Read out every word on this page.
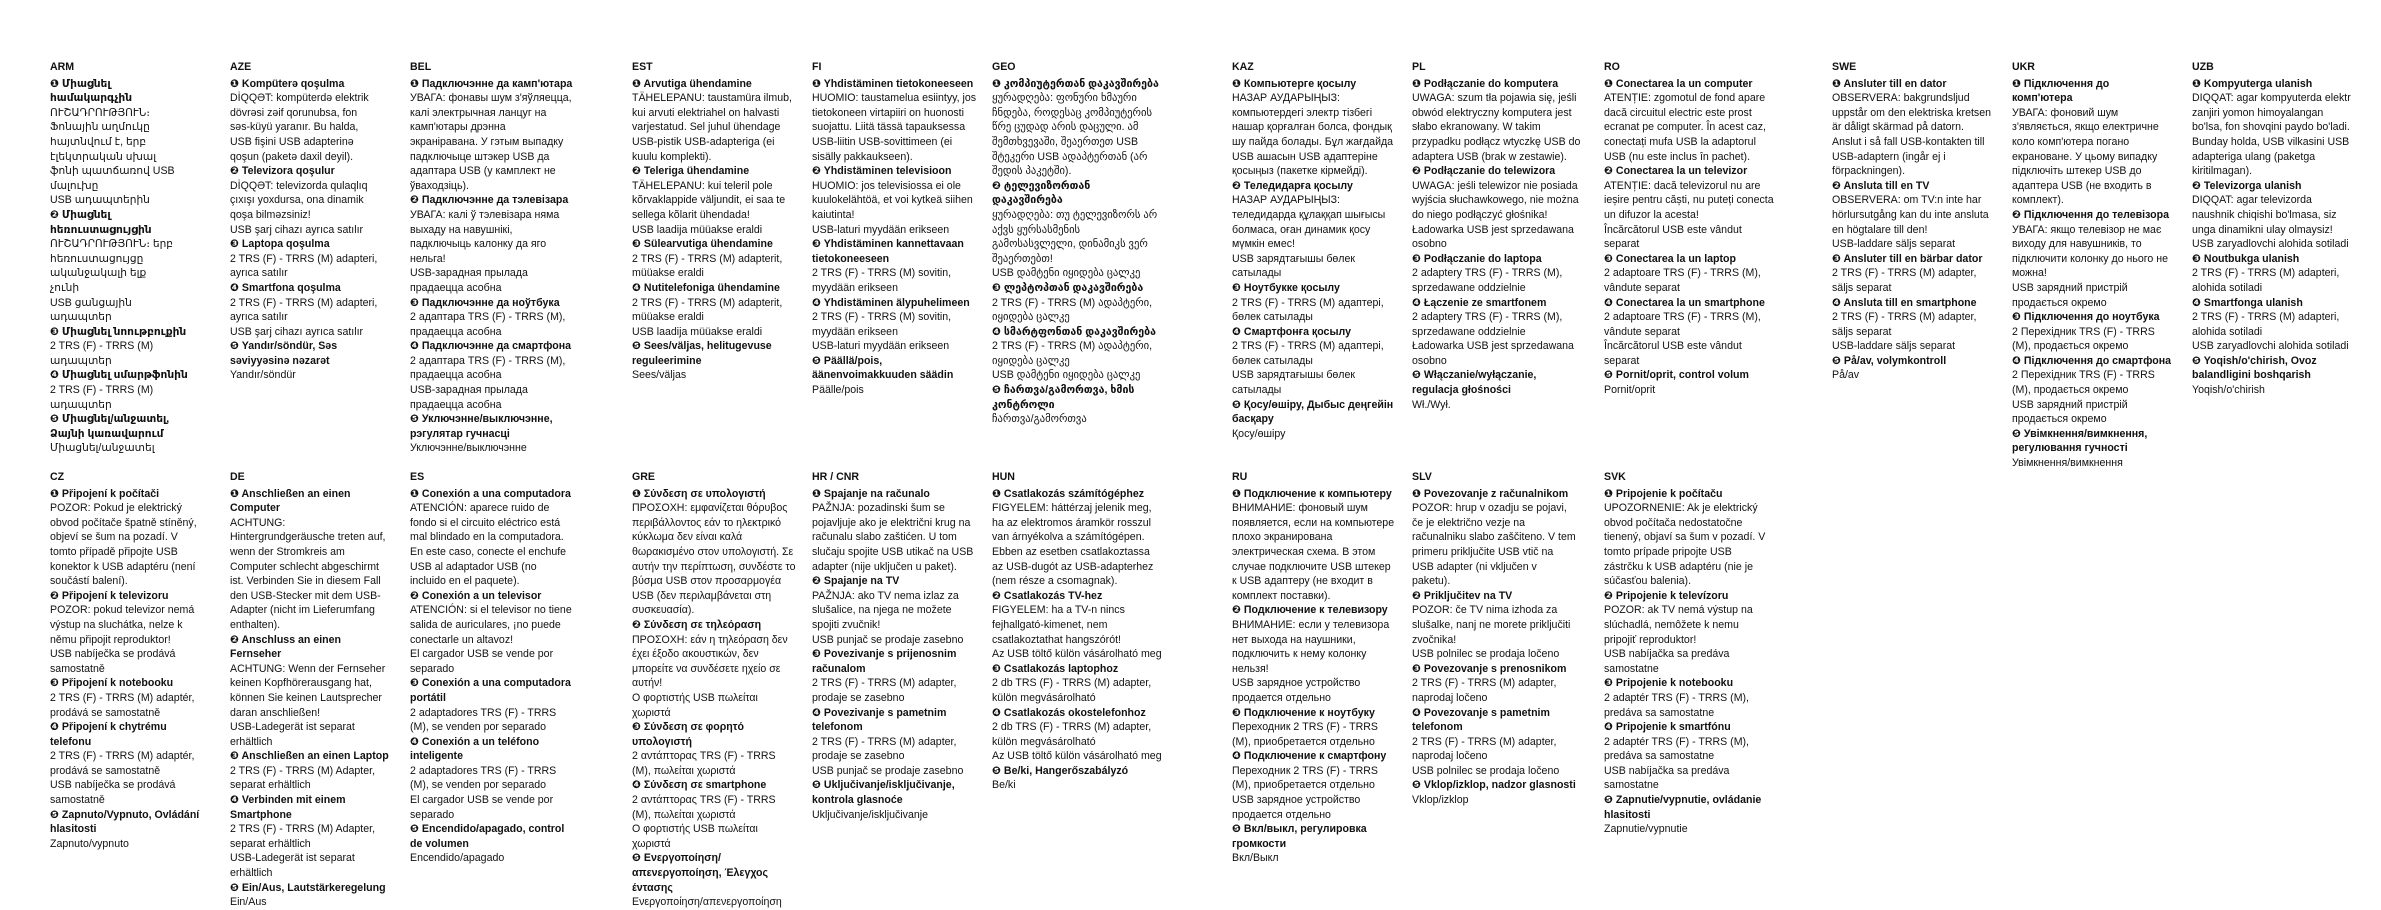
ARM
❶ Միացնել համակարգչին
ՈՒՇԱԴՐՈՒԹՅՈՒՆ։ Ֆոնային աղմուկը
հայտնվում է, երբ էլեկտրական սխալ
ֆոնի պատճառով USB մալուխը
USB ադապտերին
❷ Միացնել հեռուստացույցին
ՈՒՇԱԴՐՈՒԹՅՈՒՆ։ երբ
հեռուստացույցը ականջակալի ելք
չունի
USB ցանցային ադապտեր
❸ Միացնել նոութբուքին
2 TRS (F) - TRRS (M) ադապտեր
❹ Միացնել սմարթֆոնին
2 TRS (F) - TRRS (M) ադապտեր
❺ Միացնել/անջատել, Ձայնի կառավարում
Միացնել/անջատել
AZE
❶ Kompüterə qoşulma
DİQQƏT: kompüterdə elektrik dövrəsi zəif qorunubsa, fon səs-küyü yaranır. Bu halda, USB fişini USB adapterinə qoşun (paketə daxil deyil).
❷ Televizora qoşulur
DİQQƏT: televizorda qulaqlıq çıxışı yoxdursa, ona dinamik qoşa bilməzsiniz!
USB şarj cihazı ayrıca satılır
❸ Laptopa qoşulma
2 TRS (F) - TRRS (M) adapteri, ayrıca satılır
❹ Smartfona qoşulma
2 TRS (F) - TRRS (M) adapteri, ayrıca satılır
USB şarj cihazı ayrıca satılır
❺ Yandır/söndür, Səs səviyyəsinə nəzarət
Yandır/söndür
BEL
❶ Падключэнне да камп'ютара
УВАГА: фонавы шум з'яўляецца, калі электрычная ланцуг на камп'ютары дрэнна экраніравана. У гэтым выпадку падключыце штэкер USB да адаптара USB (у камплект не ўваходзіць).
❷ Падключэнне да тэлевізара
УВАГА: калі ў тэлевізара няма выхаду на навушнікі, падключыць калонку да яго нельга!
USB-зарадная прылада прадаецца асобна
❸ Падключэнне да ноўтбука
2 адаптара TRS (F) - TRRS (M), прадаецца асобна
❹ Падключэнне да смартфона
2 адаптара TRS (F) - TRRS (M), прадаецца асобна
USB-зарадная прылада прадаецца асобна
❺ Уключэнне/выключэнне, рэгулятар гучнасці
Уключэнне/выключэнне
EST
❶ Arvutiga ühendamine
TÄHELEPANU: taustamüra ilmub, kui arvuti elektriahel on halvasti varjestatud. Sel juhul ühendage USB-pistik USB-adapteriga (ei kuulu komplekti).
❷ Teleriga ühendamine
TÄHELEPANU: kui teleril pole kõrvaklappide väljundit, ei saa te sellega kõlarit ühendada!
USB laadija müüakse eraldi
❸ Sülearvutiga ühendamine
2 TRS (F) - TRRS (M) adapterit, müüakse eraldi
❹ Nutitelefoniga ühendamine
2 TRS (F) - TRRS (M) adapterit, müüakse eraldi
USB laadija müüakse eraldi
❺ Sees/väljas, helitugevuse reguleerimine
Sees/väljas
FI
❶ Yhdistäminen tietokoneeseen
HUOMIO: taustamelua esiintyy, jos tietokoneen virtapiiri on huonosti suojattu. Liitä tässä tapauksessa USB-liitin USB-sovittimeen (ei sisälly pakkaukseen).
❷ Yhdistäminen televisioon
HUOMIO: jos televisiossa ei ole kuulokelähtöä, et voi kytkeä siihen kaiutinta!
USB-laturi myydään erikseen
❸ Yhdistäminen kannettavaan tietokoneeseen
2 TRS (F) - TRRS (M) sovitin, myydään erikseen
❹ Yhdistäminen älypuhelimeen
2 TRS (F) - TRRS (M) sovitin, myydään erikseen
USB-laturi myydään erikseen
❺ Päällä/pois, äänenvoimakkuuden säädin
Päälle/pois
GEO
❶ კომპიუტერთან დაკავშირება
ყურადღება: ფონური ხმაური ჩნდება, როდესაც კომპიუტერის წრე ცუდად არის დაცული. ამ შემთხვევაში, შეაერთეთ USB შტეკერი USB ადაპტერთან (არ შედის პაკეტში).
❷ ტელევიზორთან დაკავშირება
ყურადღება: თუ ტელევიზორს არ აქვს ყურსასმენის გამოსასვლელი, დინამიკს ვერ შეაერთებთ!
USB დამტენი იყიდება ცალკე
❸ ლეპტოპთან დაკავშირება
2 TRS (F) - TRRS (M) ადაპტერი, იყიდება ცალკე
❹ სმარტფონთან დაკავშირება
2 TRS (F) - TRRS (M) ადაპტერი, იყიდება ცალკე
USB დამტენი იყიდება ცალკე
❺ ჩართვა/გამორთვა, ხმის კონტროლი
ჩართვა/გამორთვა
KAZ
❶ Компьютерге қосылу
НАЗАР АУДАРЫҢЫЗ: компьютердегі электр тізбегі нашар қорғалған болса, фондық шу пайда болады. Бұл жағдайда USB ашасын USB адаптеріне қосыңыз (пакетке кірмейді).
❷ Теледидарға қосылу
НАЗАР АУДАРЫҢЫЗ: теледидарда құлаққап шығысы болмаса, оған динамик қосу мүмкін емес!
USB зарядтағышы бөлек сатылады
❸ Ноутбукке қосылу
2 TRS (F) - TRRS (M) адаптері, бөлек сатылады
❹ Смартфонға қосылу
2 TRS (F) - TRRS (M) адаптері, бөлек сатылады
USB зарядтағышы бөлек сатылады
❺ Қосу/өшіру, Дыбыс деңгейін басқару
Қосу/өшіру
PL
❶ Podłączanie do komputera
UWAGA: szum tła pojawia się, jeśli obwód elektryczny komputera jest słabo ekranowany. W takim przypadku podłącz wtyczkę USB do adaptera USB (brak w zestawie).
❷ Podłączanie do telewizora
UWAGA: jeśli telewizor nie posiada wyjścia słuchawkowego, nie można do niego podłączyć głośnika!
Ładowarka USB jest sprzedawana osobno
❸ Podłączanie do laptopa
2 adaptery TRS (F) - TRRS (M), sprzedawane oddzielnie
❹ Łączenie ze smartfonem
2 adaptery TRS (F) - TRRS (M), sprzedawane oddzielnie
Ładowarka USB jest sprzedawana osobno
❺ Włączanie/wyłączanie, regulacja głośności
Wł./Wył.
RO
❶ Conectarea la un computer
ATENȚIE: zgomotul de fond apare dacă circuitul electric este prost ecranat pe computer. În acest caz, conectați mufa USB la adaptorul USB (nu este inclus în pachet).
❷ Conectarea la un televizor
ATENȚIE: dacă televizorul nu are ieșire pentru căști, nu puteți conecta un difuzor la acesta!
Încărcătorul USB este vândut separat
❸ Conectarea la un laptop
2 adaptoare TRS (F) - TRRS (M), vândute separat
❹ Conectarea la un smartphone
2 adaptoare TRS (F) - TRRS (M), vândute separat
Încărcătorul USB este vândut separat
❺ Pornit/oprit, control volum
Pornit/oprit
SWE
❶ Ansluter till en dator
OBSERVERA: bakgrundsljud uppstår om den elektriska kretsen är dåligt skärmad på datorn. Anslut i så fall USB-kontakten till USB-adaptern (ingår ej i förpackningen).
❷ Ansluta till en TV
OBSERVERA: om TV:n inte har hörlursutgång kan du inte ansluta en högtalare till den!
USB-laddare säljs separat
❸ Ansluter till en bärbar dator
2 TRS (F) - TRRS (M) adapter, säljs separat
❹ Ansluta till en smartphone
2 TRS (F) - TRRS (M) adapter, säljs separat
USB-laddare säljs separat
❺ På/av, volymkontroll
På/av
UKR
❶ Підключення до комп'ютера
УВАГА: фоновий шум з'являється, якщо електричне коло комп'ютера погано екрановане. У цьому випадку підключіть штекер USB до адаптера USB (не входить в комплект).
❷ Підключення до телевізора
УВАГА: якщо телевізор не має виходу для навушників, то підключити колонку до нього не можна!
USB зарядний пристрій продається окремо
❸ Підключення до ноутбука
2 Перехідник TRS (F) - TRRS (M), продається окремо
❹ Підключення до смартфона
2 Перехідник TRS (F) - TRRS (M), продається окремо
USB зарядний пристрій продається окремо
❺ Увімкнення/вимкнення, регулювання гучності
Увімкнення/вимкнення
UZB
❶ Kompyuterga ulanish
DIQQAT: agar kompyuterda elektr zanjiri yomon himoyalangan bo'lsa, fon shovqini paydo bo'ladi. Bunday holda, USB vilkasini USB adapteriga ulang (paketga kiritilmagan).
❷ Televizorga ulanish
DIQQAT: agar televizorda naushnik chiqishi bo'lmasa, siz unga dinamikni ulay olmaysiz!
USB zaryadlovchi alohida sotiladi
❸ Noutbukga ulanish
2 TRS (F) - TRRS (M) adapteri, alohida sotiladi
❹ Smartfonga ulanish
2 TRS (F) - TRRS (M) adapteri, alohida sotiladi
USB zaryadlovchi alohida sotiladi
❺ Yoqish/o'chirish, Ovoz balandligini boshqarish
Yoqish/o'chirish
CZ
❶ Připojení k počítači
POZOR: Pokud je elektrický obvod počítače špatně stíněný, objeví se šum na pozadí. V tomto případě připojte USB konektor k USB adaptéru (není součástí balení).
❷ Připojení k televizoru
POZOR: pokud televizor nemá výstup na sluchátka, nelze k němu připojit reproduktor!
USB nabíječka se prodává samostatně
❸ Připojení k notebooku
2 TRS (F) - TRRS (M) adaptér, prodává se samostatně
❹ Připojení k chytrému telefonu
2 TRS (F) - TRRS (M) adaptér, prodává se samostatně
USB nabíječka se prodává samostatně
❺ Zapnuto/Vypnuto, Ovládání hlasitosti
Zapnuto/vypnuto
DE
❶ Anschließen an einen Computer
ACHTUNG: Hintergrundgeräusche treten auf, wenn der Stromkreis am Computer schlecht abgeschirmt ist. Verbinden Sie in diesem Fall den USB-Stecker mit dem USB-Adapter (nicht im Lieferumfang enthalten).
❷ Anschluss an einen Fernseher
ACHTUNG: Wenn der Fernseher keinen Kopfhörerausgang hat, können Sie keinen Lautsprecher daran anschließen!
USB-Ladegerät ist separat erhältlich
❸ Anschließen an einen Laptop
2 TRS (F) - TRRS (M) Adapter, separat erhältlich
❹ Verbinden mit einem Smartphone
2 TRS (F) - TRRS (M) Adapter, separat erhältlich
USB-Ladegerät ist separat erhältlich
❺ Ein/Aus, Lautstärkeregelung
Ein/Aus
ES
❶ Conexión a una computadora
ATENCIÓN: aparece ruido de fondo si el circuito eléctrico está mal blindado en la computadora. En este caso, conecte el enchufe USB al adaptador USB (no incluido en el paquete).
❷ Conexión a un televisor
ATENCIÓN: si el televisor no tiene salida de auriculares, ¡no puede conectarle un altavoz!
El cargador USB se vende por separado
❸ Conexión a una computadora portátil
2 adaptadores TRS (F) - TRRS (M), se venden por separado
❹ Conexión a un teléfono inteligente
2 adaptadores TRS (F) - TRRS (M), se venden por separado
El cargador USB se vende por separado
❺ Encendido/apagado, control de volumen
Encendido/apagado
GRE
❶ Σύνδεση σε υπολογιστή
ΠΡΟΣΟΧΗ: εμφανίζεται θόρυβος περιβάλλοντος εάν το ηλεκτρικό κύκλωμα δεν είναι καλά θωρακισμένο στον υπολογιστή. Σε αυτήν την περίπτωση, συνδέστε το βύσμα USB στον προσαρμογέα USB (δεν περιλαμβάνεται στη συσκευασία).
❷ Σύνδεση σε τηλεόραση
ΠΡΟΣΟΧΗ: εάν η τηλεόραση δεν έχει έξοδο ακουστικών, δεν μπορείτε να συνδέσετε ηχείο σε αυτήν!
Ο φορτιστής USB πωλείται χωριστά
❸ Σύνδεση σε φορητό υπολογιστή
2 αντάπτορας TRS (F) - TRRS (M), πωλείται χωριστά
❹ Σύνδεση σε smartphone
2 αντάπτορας TRS (F) - TRRS (M), πωλείται χωριστά
Ο φορτιστής USB πωλείται χωριστά
❺ Ενεργοποίηση/απενεργοποίηση, Έλεγχος έντασης
Ενεργοποίηση/απενεργοποίηση
HR / CNR
❶ Spajanje na računalo
PAŽNJA: pozadinski šum se pojavljuje ako je električni krug na računalu slabo zaštićen. U tom slučaju spojite USB utikač na USB adapter (nije uključen u paket).
❷ Spajanje na TV
PAŽNJA: ako TV nema izlaz za slušalice, na njega ne možete spojiti zvučnik!
USB punjač se prodaje zasebno
❸ Povezivanje s prijenosnim računalom
2 TRS (F) - TRRS (M) adapter, prodaje se zasebno
❹ Povezivanje s pametnim telefonom
2 TRS (F) - TRRS (M) adapter, prodaje se zasebno
USB punjač se prodaje zasebno
❺ Uključivanje/isključivanje, kontrola glasnoće
Uključivanje/isključivanje
HUN
❶ Csatlakozás számítógéphez
FIGYELEM: háttérzaj jelenik meg, ha az elektromos áramkör rosszul van árnyékolva a számítógépen. Ebben az esetben csatlakoztassa az USB-dugót az USB-adapterhez (nem része a csomagnak).
❷ Csatlakozás TV-hez
FIGYELEM: ha a TV-n nincs fejhallgató-kimenet, nem csatlakoztathat hangszórót!
Az USB töltő külön vásárolható meg
❸ Csatlakozás laptophoz
2 db TRS (F) - TRRS (M) adapter, külön megvásárolható
❹ Csatlakozás okostelefonhoz
2 db TRS (F) - TRRS (M) adapter, külön megvásárolható
Az USB töltő külön vásárolható meg
❺ Be/ki, Hangerőszabályzó
Be/ki
RU
❶ Подключение к компьютеру
ВНИМАНИЕ: фоновый шум появляется, если на компьютере плохо экранирована электрическая схема. В этом случае подключите USB штекер к USB адаптеру (не входит в комплект поставки).
❷ Подключение к телевизору
ВНИМАНИЕ: если у телевизора нет выхода на наушники, подключить к нему колонку нельзя!
USB зарядное устройство продается отдельно
❸ Подключение к ноутбуку
Переходник 2 TRS (F) - TRRS (M), приобретается отдельно
❹ Подключение к смартфону
Переходник 2 TRS (F) - TRRS (M), приобретается отдельно
USB зарядное устройство продается отдельно
❺ Вкл/выкл, регулировка громкости
Вкл/Выкл
SLV
❶ Povezovanje z računalnikom
POZOR: hrup v ozadju se pojavi, če je električno vezje na računalniku slabo zaščiteno. V tem primeru priključite USB vtič na USB adapter (ni vključen v paketu).
❷ Priključitev na TV
POZOR: če TV nima izhoda za slušalke, nanj ne morete priključiti zvočnika!
USB polnilec se prodaja ločeno
❸ Povezovanje s prenosnikom
2 TRS (F) - TRRS (M) adapter, naprodaj ločeno
❹ Povezovanje s pametnim telefonom
2 TRS (F) - TRRS (M) adapter, naprodaj ločeno
USB polnilec se prodaja ločeno
❺ Vklop/izklop, nadzor glasnosti
Vklop/izklop
SVK
❶ Pripojenie k počítaču
UPOZORNENIE: Ak je elektrický obvod počítača nedostatočne tienený, objaví sa šum v pozadí. V tomto prípade pripojte USB zástrčku k USB adaptéru (nie je súčasťou balenia).
❷ Pripojenie k televízoru
POZOR: ak TV nemá výstup na slúchadlá, nemôžete k nemu pripojiť reproduktor!
USB nabíjačka sa predáva samostatne
❸ Pripojenie k notebooku
2 adaptér TRS (F) - TRRS (M), predáva sa samostatne
❹ Pripojenie k smartfónu
2 adaptér TRS (F) - TRRS (M), predáva sa samostatne
USB nabíjačka sa predáva samostatne
❺ Zapnutie/vypnutie, ovládanie hlasitosti
Zapnutie/vypnutie
